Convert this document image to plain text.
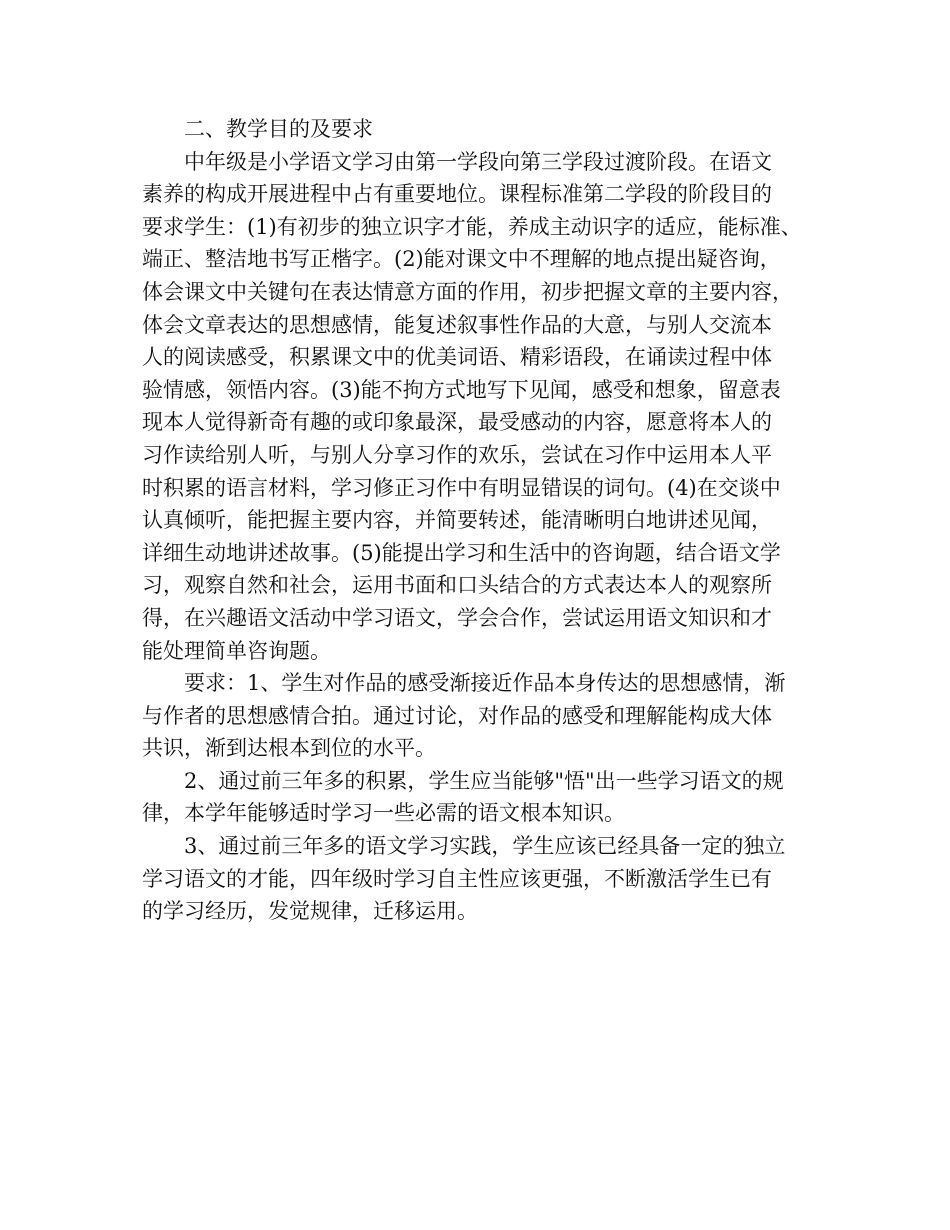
二、教学目的及要求
中年级是小学语文学习由第一学段向第三学段过渡阶段。在语文
素养的构成开展进程中占有重要地位。课程标准第二学段的阶段目的
要求学生：(1)有初步的独立识字才能，养成主动识字的适应，能标准、
端正、整洁地书写正楷字。(2)能对课文中不理解的地点提出疑咨询，
体会课文中关键句在表达情意方面的作用，初步把握文章的主要内容，
体会文章表达的思想感情，能复述叙事性作品的大意，与别人交流本
人的阅读感受，积累课文中的优美词语、精彩语段，在诵读过程中体
验情感，领悟内容。(3)能不拘方式地写下见闻，感受和想象，留意表
现本人觉得新奇有趣的或印象最深，最受感动的内容，愿意将本人的
习作读给别人听，与别人分享习作的欢乐，尝试在习作中运用本人平
时积累的语言材料，学习修正习作中有明显错误的词句。(4)在交谈中
认真倾听，能把握主要内容，并简要转述，能清晰明白地讲述见闻，
详细生动地讲述故事。(5)能提出学习和生活中的咨询题，结合语文学
习，观察自然和社会，运用书面和口头结合的方式表达本人的观察所
得，在兴趣语文活动中学习语文，学会合作，尝试运用语文知识和才
能处理简单咨询题。
要求：1、学生对作品的感受渐接近作品本身传达的思想感情，渐
与作者的思想感情合拍。通过讨论，对作品的感受和理解能构成大体
共识，渐到达根本到位的水平。
2、通过前三年多的积累，学生应当能够"悟"出一些学习语文的规
律，本学年能够适时学习一些必需的语文根本知识。
3、通过前三年多的语文学习实践，学生应该已经具备一定的独立
学习语文的才能，四年级时学习自主性应该更强，不断激活学生已有
的学习经历，发觉规律，迁移运用。
